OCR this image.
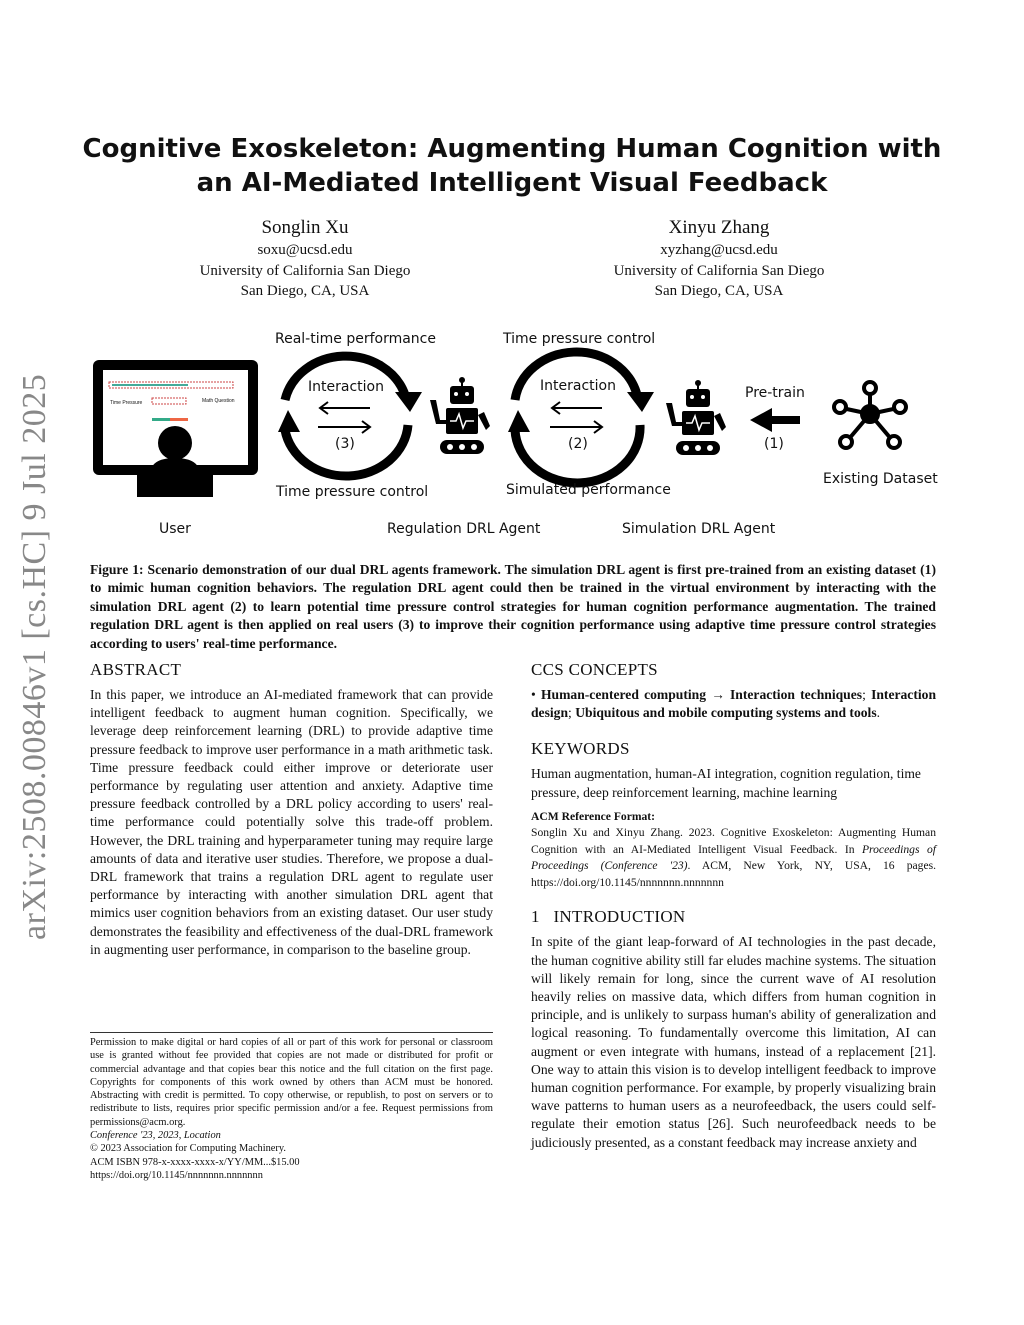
arXiv:2508.00846v1 [cs.HC] 9 Jul 2025
Cognitive Exoskeleton: Augmenting Human Cognition with an AI-Mediated Intelligent Visual Feedback
Songlin Xu
soxu@ucsd.edu
University of California San Diego
San Diego, CA, USA
Xinyu Zhang
xyzhang@ucsd.edu
University of California San Diego
San Diego, CA, USA
Time Pressure	Math Question
Real-time performance	Time pressure control
Interaction	Interaction
(3)	(2)	(1)
Pre-train
Time pressure control	Simulated performance
Existing Dataset
User	Regulation DRL Agent	Simulation DRL Agent
Figure 1: Scenario demonstration of our dual DRL agents framework. The simulation DRL agent is first pre-trained from an existing dataset (1) to mimic human cognition behaviors. The regulation DRL agent could then be trained in the virtual environment by interacting with the simulation DRL agent (2) to learn potential time pressure control strategies for human cognition performance augmentation. The trained regulation DRL agent is then applied on real users (3) to improve their cognition performance using adaptive time pressure control strategies according to users' real-time performance.
ABSTRACT
In this paper, we introduce an AI-mediated framework that can provide intelligent feedback to augment human cognition. Specifically, we leverage deep reinforcement learning (DRL) to provide adaptive time pressure feedback to improve user performance in a math arithmetic task. Time pressure feedback could either improve or deteriorate user performance by regulating user attention and anxiety. Adaptive time pressure feedback controlled by a DRL policy according to users' real-time performance could potentially solve this trade-off problem. However, the DRL training and hyperparameter tuning may require large amounts of data and iterative user studies. Therefore, we propose a dual-DRL framework that trains a regulation DRL agent to regulate user performance by interacting with another simulation DRL agent that mimics user cognition behaviors from an existing dataset. Our user study demonstrates the feasibility and effectiveness of the dual-DRL framework in augmenting user performance, in comparison to the baseline group.
Permission to make digital or hard copies of all or part of this work for personal or classroom use is granted without fee provided that copies are not made or distributed for profit or commercial advantage and that copies bear this notice and the full citation on the first page. Copyrights for components of this work owned by others than ACM must be honored. Abstracting with credit is permitted. To copy otherwise, or republish, to post on servers or to redistribute to lists, requires prior specific permission and/or a fee. Request permissions from permissions@acm.org.
Conference '23, 2023, Location
© 2023 Association for Computing Machinery.
ACM ISBN 978-x-xxxx-xxxx-x/YY/MM...$15.00
https://doi.org/10.1145/nnnnnnn.nnnnnnn
CCS CONCEPTS
• Human-centered computing → Interaction techniques; Interaction design; Ubiquitous and mobile computing systems and tools.
KEYWORDS
Human augmentation, human-AI integration, cognition regulation, time pressure, deep reinforcement learning, machine learning
ACM Reference Format:
Songlin Xu and Xinyu Zhang. 2023. Cognitive Exoskeleton: Augmenting Human Cognition with an AI-Mediated Intelligent Visual Feedback. In Proceedings of Proceedings (Conference '23). ACM, New York, NY, USA, 16 pages. https://doi.org/10.1145/nnnnnnn.nnnnnnn
1 INTRODUCTION
In spite of the giant leap-forward of AI technologies in the past decade, the human cognitive ability still far eludes machine systems. The situation will likely remain for long, since the current wave of AI resolution heavily relies on massive data, which differs from human cognition in principle, and is unlikely to surpass human's ability of generalization and logical reasoning. To fundamentally overcome this limitation, AI can augment or even integrate with humans, instead of a replacement [21]. One way to attain this vision is to develop intelligent feedback to improve human cognition performance. For example, by properly visualizing brain wave patterns to human users as a neurofeedback, the users could self-regulate their emotion status [26]. Such neurofeedback needs to be judiciously presented, as a constant feedback may increase anxiety and
